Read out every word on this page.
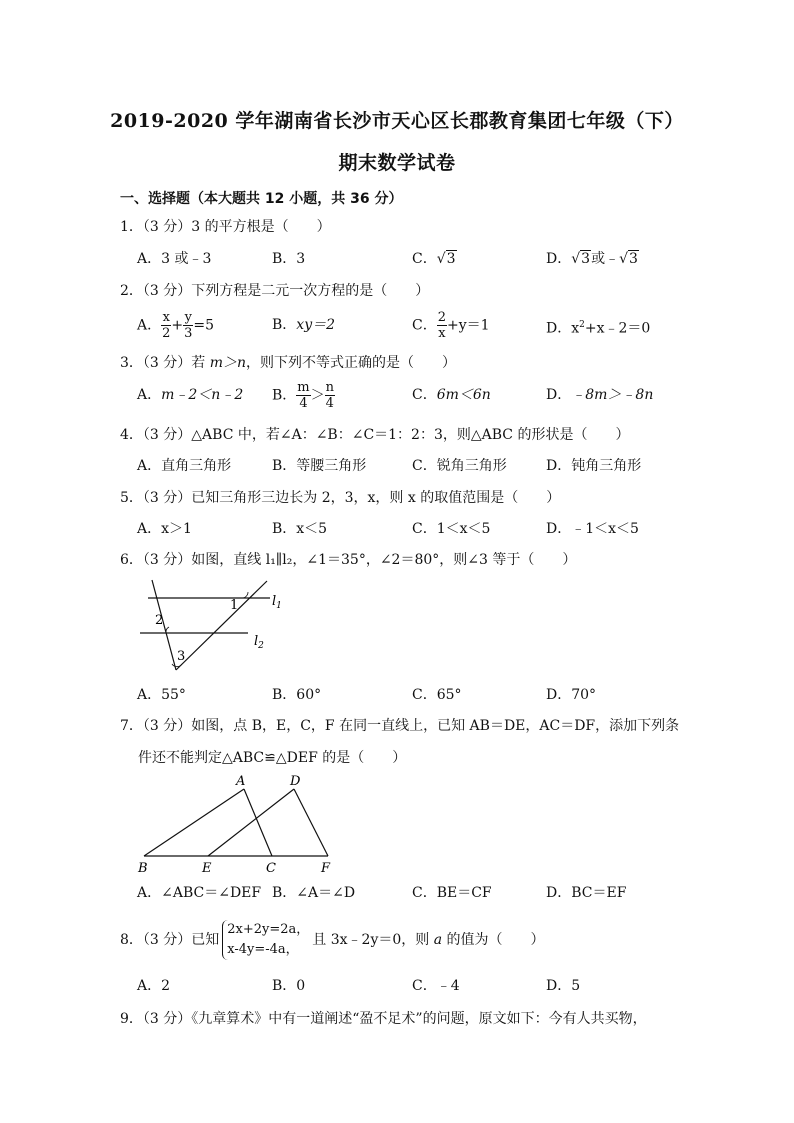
2019-2020 学年湖南省长沙市天心区长郡教育集团七年级（下）
期末数学试卷
一、选择题（本大题共 12 小题，共 36 分）
1．（3 分）3 的平方根是（　　）
A．3 或﹣3	B．3	C．√3	D．√3或﹣√3
2．（3 分）下列方程是二元一次方程的是（　　）
A． $\frac{x}{2} + \frac{y}{3} =5$	B．xy＝2	C． $\frac{2}{x} +y=1$	D．$x^2+x﹣2=0$
3．（3 分）若 m＞n，则下列不等式正确的是（　　）
A．m﹣2＜n﹣2 B． $\frac{m}{4} > \frac{n}{4}$	C．6m＜6n	D．﹣8m＞﹣8n
4．（3 分）△ABC 中，若∠A：∠B：∠C＝1：2：3，则△ABC 的形状是（　　）
A．直角三角形	B．等腰三角形	C．锐角三角形	D．钝角三角形
5．（3 分）已知三角形三边长为 2，3，x，则 x 的取值范围是（　　）
A．x＞1	B．x＜5	C．1＜x＜5	D．﹣1＜x＜5
6．（3 分）如图，直线 l₁∥l₂，∠1＝35°，∠2＝80°，则∠3 等于（　　）
1
2
3
$l_1$
$l_2$
A．55°	B．60°	C．65°	D．70°
7．（3 分）如图，点 B，E，C，F 在同一直线上，已知 AB＝DE，AC＝DF，添加下列条
件还不能判定△ABC≌△DEF 的是（　　）
A	D
B	E	C	F
A．∠ABC＝∠DEF B．∠A＝∠D	C．BE＝CF	D．BC＝EF
8．（3 分）已知
2x+2y=2a，
x-4y=-4a，
且 3x﹣2y＝0，则 a 的值为（　　）
A．2	B．0	C．﹣4	D．5
9．（3 分）《九章算术》中有一道阐述“盈不足术”的问题，原文如下：今有人共买物，
